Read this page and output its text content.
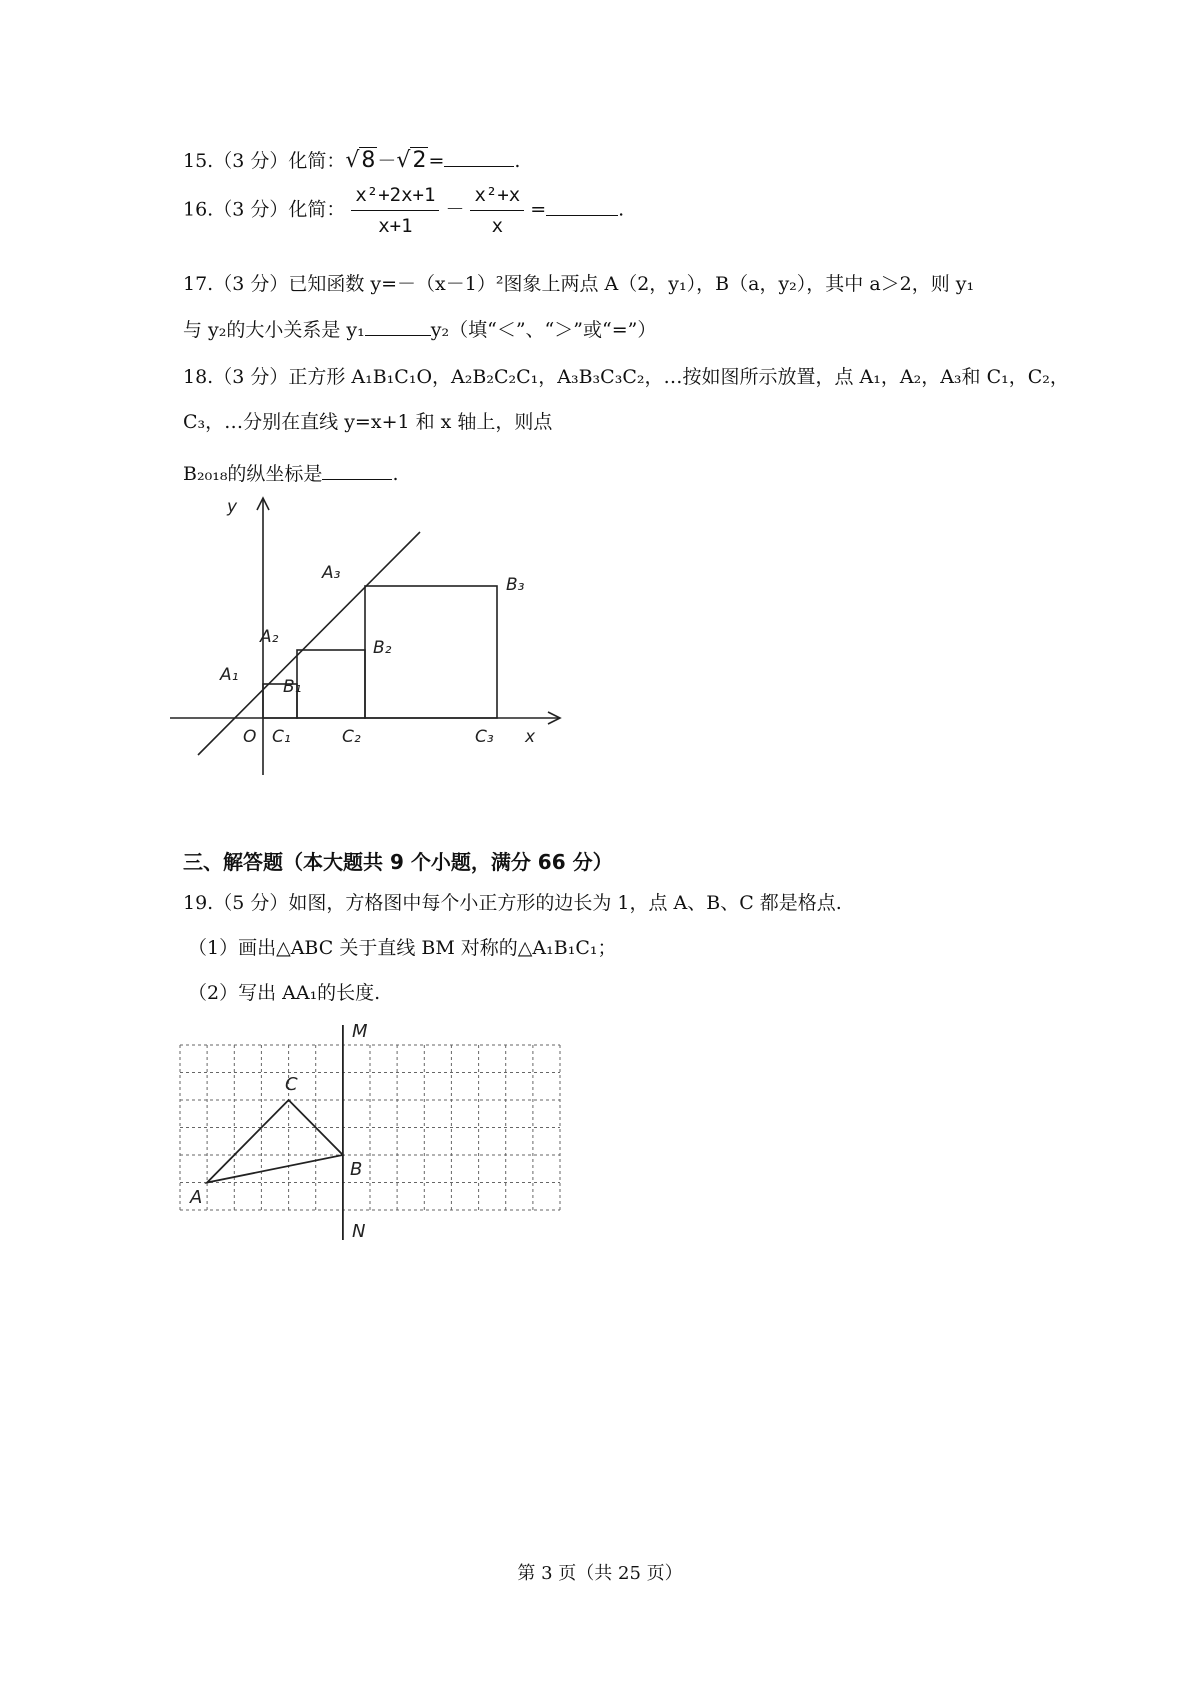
15.（3 分）化简：√8 －√2 =	.
16.（3 分）化简： $\frac{\text{x²+2x+1}}{x+1} - \frac{\text{x²+x}}{x}$ =	.
17.（3 分）已知函数 y=－（x－1）²图象上两点 A（2，y₁），B（a，y₂），其中 a＞2，则 y₁
与 y₂的大小关系是 y₁	y₂（填“＜”、“＞”或“=”）
18.（3 分）正方形 A₁B₁C₁O，A₂B₂C₂C₁，A₃B₃C₃C₂，…按如图所示放置，点 A₁，A₂，A₃和 C₁，C₂，
C₃，…分别在直线 y=x+1 和 x 轴上，则点
B₂₀₁₈的纵坐标是	.
y
x
O
A₁
A₂
A₃
B₁
B₂
B₃
C₁	C₂	C₃
三、解答题（本大题共 9 个小题，满分 66 分）
19.（5 分）如图，方格图中每个小正方形的边长为 1，点 A、B、C 都是格点.
（1）画出△ABC 关于直线 BM 对称的△A₁B₁C₁；
（2）写出 AA₁的长度.
M
N
A
B
C
第 3 页（共 25 页）
